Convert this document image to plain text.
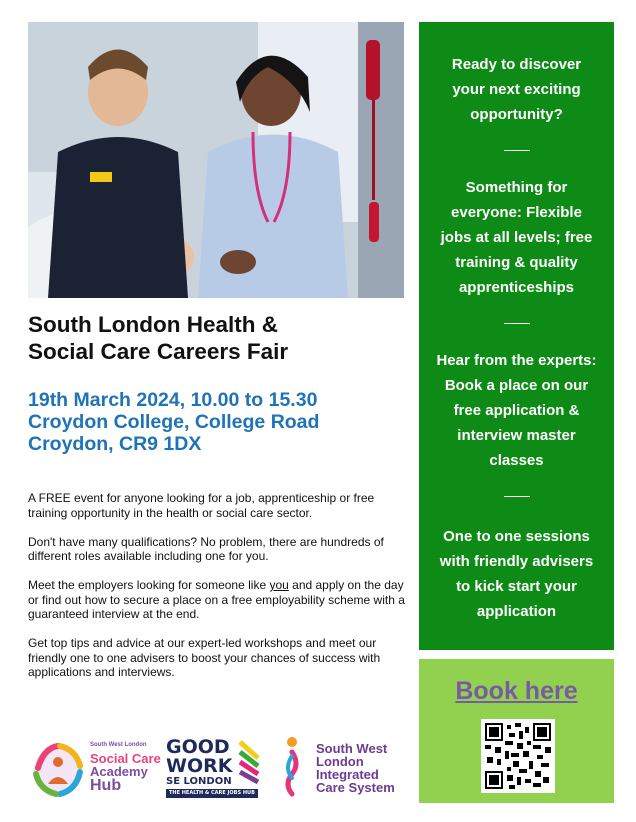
South London Health &
Social Care Careers Fair
19th March 2024, 10.00 to 15.30
Croydon College, College Road
Croydon, CR9 1DX

A FREE event for anyone looking for a job, apprenticeship or free training opportunity in the health or social care sector.

Don't have many qualifications? No problem, there are hundreds of different roles available including one for you.

Meet the employers looking for someone like you and apply on the day or find out how to secure a place on a free employability scheme with a guaranteed interview at the end.

Get top tips and advice at our expert-led workshops and meet our friendly one to one advisers to boost your chances of success with applications and interviews.

Ready to discover
your next exciting
opportunity?
Something for
everyone: Flexible
jobs at all levels; free
training & quality
apprenticeships
Hear from the experts:
Book a place on our
free application &
interview master
classes
One to one sessions
with friendly advisers
to kick start your
application
Book here
South West London
Social Care
Academy
Hub
GOOD
WORK
SE LONDON
THE HEALTH & CARE JOBS HUB
South West
London
Integrated
Care System
